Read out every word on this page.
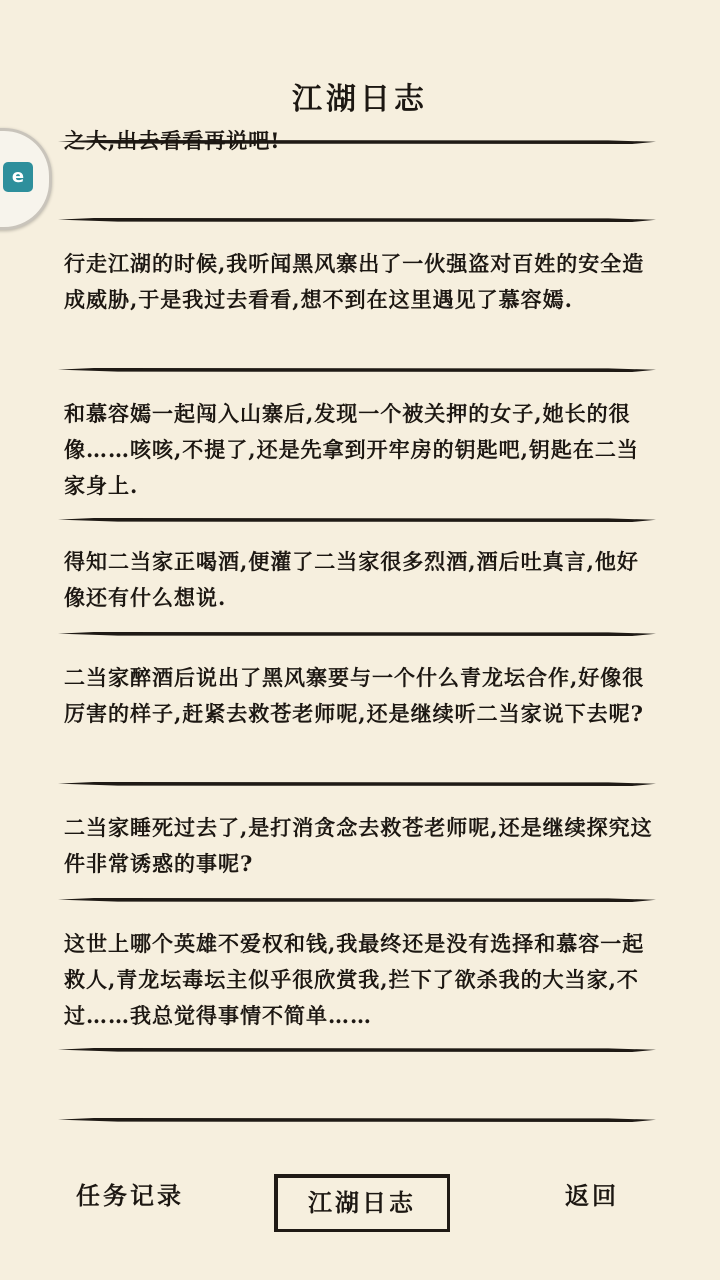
江湖日志
e
之大,出去看看再说吧!
行走江湖的时候,我听闻黑风寨出了一伙强盗对百姓的安全造成威胁,于是我过去看看,想不到在这里遇见了慕容嫣.
和慕容嫣一起闯入山寨后,发现一个被关押的女子,她长的很像……咳咳,不提了,还是先拿到开牢房的钥匙吧,钥匙在二当家身上.
得知二当家正喝酒,便灌了二当家很多烈酒,酒后吐真言,他好像还有什么想说.
二当家醉酒后说出了黑风寨要与一个什么青龙坛合作,好像很厉害的样子,赶紧去救苍老师呢,还是继续听二当家说下去呢?
二当家睡死过去了,是打消贪念去救苍老师呢,还是继续探究这件非常诱惑的事呢?
这世上哪个英雄不爱权和钱,我最终还是没有选择和慕容一起救人,青龙坛毒坛主似乎很欣赏我,拦下了欲杀我的大当家,不过……我总觉得事情不简单……
任务记录	江湖日志	返回
